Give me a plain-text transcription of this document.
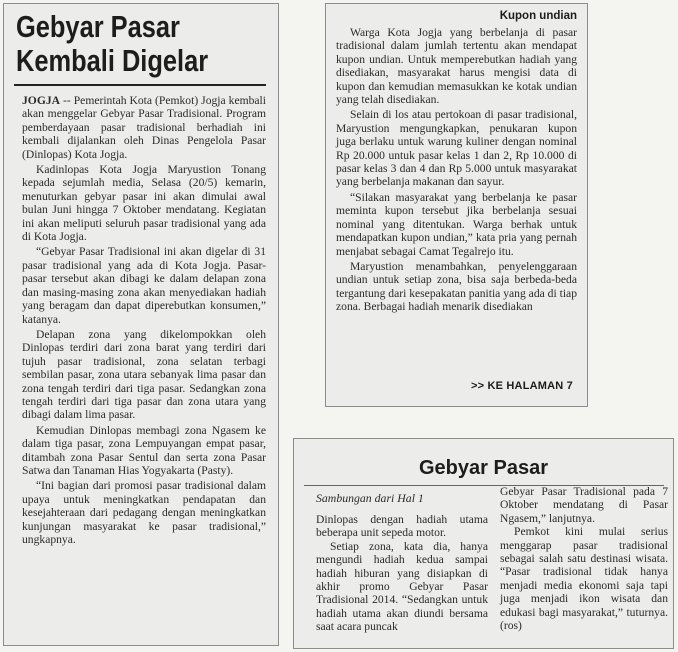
Gebyar Pasar
Kembali Digelar

JOGJA -- Pemerintah Kota (Pemkot) Jogja kembali akan menggelar Gebyar Pasar Tradisional. Program pemberdayaan pasar tradisional berhadiah ini kembali dijalankan oleh Dinas Pengelola Pasar (Dinlopas) Kota Jogja.

Kadinlopas Kota Jogja Maryustion Tonang kepada sejumlah media, Selasa (20/5) kemarin, menuturkan gebyar pasar ini akan dimulai awal bulan Juni hingga 7 Oktober mendatang. Kegiatan ini akan meliputi seluruh pasar tradisional yang ada di Kota Jogja.

“Gebyar Pasar Tradisional ini akan digelar di 31 pasar tradisional yang ada di Kota Jogja. Pasar-pasar tersebut akan dibagi ke dalam delapan zona dan masing-masing zona akan menyediakan hadiah yang beragam dan dapat diperebutkan konsumen,” katanya.

Delapan zona yang dikelompokkan oleh Dinlopas terdiri dari zona barat yang terdiri dari tujuh pasar tradisional, zona selatan terbagi sembilan pasar, zona utara sebanyak lima pasar dan zona tengah terdiri dari tiga pasar. Sedangkan zona tengah terdiri dari tiga pasar dan zona utara yang dibagi dalam lima pasar.

Kemudian Dinlopas membagi zona Ngasem ke dalam tiga pasar, zona Lempuyangan empat pasar, ditambah zona Pasar Sentul dan serta zona Pasar Satwa dan Tanaman Hias Yogyakarta (Pasty).

“Ini bagian dari promosi pasar tradisional dalam upaya untuk meningkatkan pendapatan dan kesejahteraan dari pedagang dengan meningkatkan kunjungan masyarakat ke pasar tradisional,” ungkapnya.

Kupon undian

Warga Kota Jogja yang berbelanja di pasar tradisional dalam jumlah tertentu akan mendapat kupon undian. Untuk memperebutkan hadiah yang disediakan, masyarakat harus mengisi data di kupon dan kemudian memasukkan ke kotak undian yang telah disediakan.

Selain di los atau pertokoan di pasar tradisional, Maryustion mengungkapkan, penukaran kupon juga berlaku untuk warung kuliner dengan nominal Rp 20.000 untuk pasar kelas 1 dan 2, Rp 10.000 di pasar kelas 3 dan 4 dan Rp 5.000 untuk masyarakat yang berbelanja makanan dan sayur.

“Silakan masyarakat yang berbelanja ke pasar meminta kupon tersebut jika berbelanja sesuai nominal yang ditentukan. Warga berhak untuk mendapatkan kupon undian,” kata pria yang pernah menjabat sebagai Camat Tegalrejo itu.

Maryustion menambahkan, penyelenggaraan undian untuk setiap zona, bisa saja berbeda-beda tergantung dari kesepakatan panitia yang ada di tiap zona. Berbagai hadiah menarik disediakan

>> KE HALAMAN 7
Gebyar Pasar
Sambungan dari Hal 1

Dinlopas dengan hadiah utama beberapa unit sepeda motor.

Setiap zona, kata dia, hanya mengundi hadiah kedua sampai hadiah hiburan yang disiapkan di akhir promo Gebyar Pasar Tradisional 2014. “Sedangkan untuk hadiah utama akan diundi bersama saat acara puncak

Gebyar Pasar Tradisional pada 7 Oktober mendatang di Pasar Ngasem,” lanjutnya.

Pemkot kini mulai serius menggarap pasar tradisional sebagai salah satu destinasi wisata. “Pasar tradisional tidak hanya menjadi media ekonomi saja tapi juga menjadi ikon wisata dan edukasi bagi masyarakat,” tuturnya. (ros)
